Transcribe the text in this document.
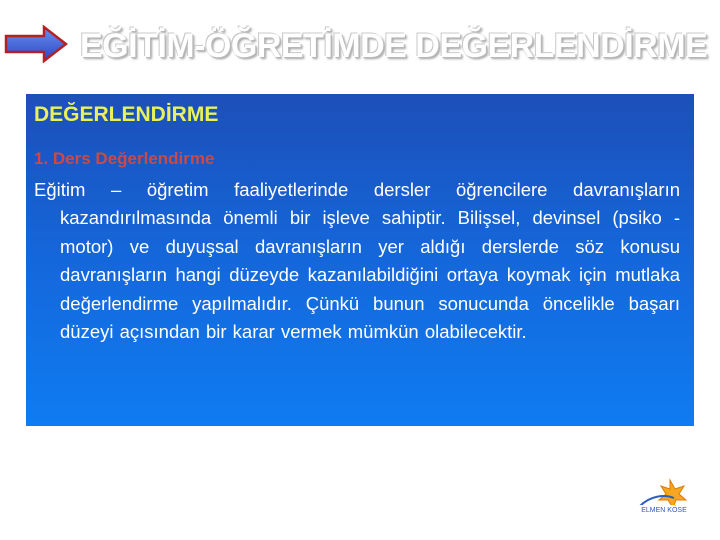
EĞİTİM-ÖĞRETİMDE DEĞERLENDİRME

DEĞERLENDİRME

1. Ders Değerlendirme

Eğitim – öğretim faaliyetlerinde dersler öğrencilere davranışların kazandırılmasında önemli bir işleve sahiptir. Bilişsel, devinsel (psiko - motor) ve duyuşsal davranışların yer aldığı derslerde söz konusu davranışların hangi düzeyde kazanılabildiğini ortaya koymak için mutlaka değerlendirme yapılmalıdır. Çünkü bunun sonucunda öncelikle başarı düzeyi açısından bir karar vermek mümkün olabilecektir.

ELMEN KÖSE
